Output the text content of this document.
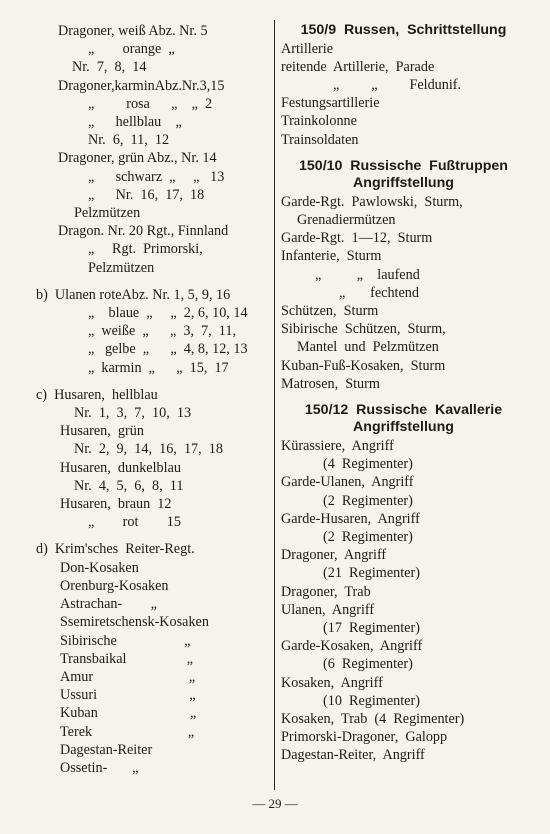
Dragoner, weiß Abz. Nr. 5
„        orange  „
Nr.  7,  8,  14
Dragoner,karminAbz.Nr.3,15
„         rosa      „    „  2
„      hellblau    „
Nr.  6,  11,  12
Dragoner, grün Abz., Nr. 14
„      schwarz  „     „   13
„      Nr.  16,  17,  18
Pelzmützen
Dragon. Nr. 20 Rgt., Finnland
„     Rgt.  Primorski,
Pelzmützen
b)  Ulanen roteAbz. Nr. 1, 5, 9, 16
„    blaue  „     „  2, 6, 10, 14
„  weiße  „      „  3,  7,  11,
„   gelbe  „      „  4, 8, 12, 13
„  karmin  „      „  15,  17
c)  Husaren,  hellblau
Nr.  1,  3,  7,  10,  13
Husaren,  grün
Nr.  2,  9,  14,  16,  17,  18
Husaren,  dunkelblau
Nr.  4,  5,  6,  8,  11
Husaren,  braun  12
„        rot        15
d)  Krim'sches  Reiter-Regt.
Don-Kosaken
Orenburg-Kosaken
Astrachan-        „
Ssemiretschensk-Kosaken
Sibirische                   „
Transbaikal                 „
Amur                           „
Ussuri                          „
Kuban                          „
Terek                           „
Dagestan-Reiter
Ossetin-       „
150/9  Russen,  Schrittstellung
Artillerie
reitende  Artillerie,  Parade
„         „         Feldunif.
Festungsartillerie
Trainkolonne
Trainsoldaten
150/10  Russische  Fußtruppen
Angriffstellung
Garde-Rgt.  Pawlowski,  Sturm,
Grenadiermützen
Garde-Rgt.  1—12,  Sturm
Infanterie,  Sturm
„          „    laufend
„       fechtend
Schützen,  Sturm
Sibirische  Schützen,  Sturm,
Mantel  und  Pelzmützen
Kuban-Fuß-Kosaken,  Sturm
Matrosen,  Sturm
150/12  Russische  Kavallerie
Angriffstellung
Kürassiere,  Angriff
(4  Regimenter)
Garde-Ulanen,  Angriff
(2  Regimenter)
Garde-Husaren,  Angriff
(2  Regimenter)
Dragoner,  Angriff
(21  Regimenter)
Dragoner,  Trab
Ulanen,  Angriff
(17  Regimenter)
Garde-Kosaken,  Angriff
(6  Regimenter)
Kosaken,  Angriff
(10  Regimenter)
Kosaken,  Trab  (4  Regimenter)
Primorski-Dragoner,  Galopp
Dagestan-Reiter,  Angriff
— 29 —
